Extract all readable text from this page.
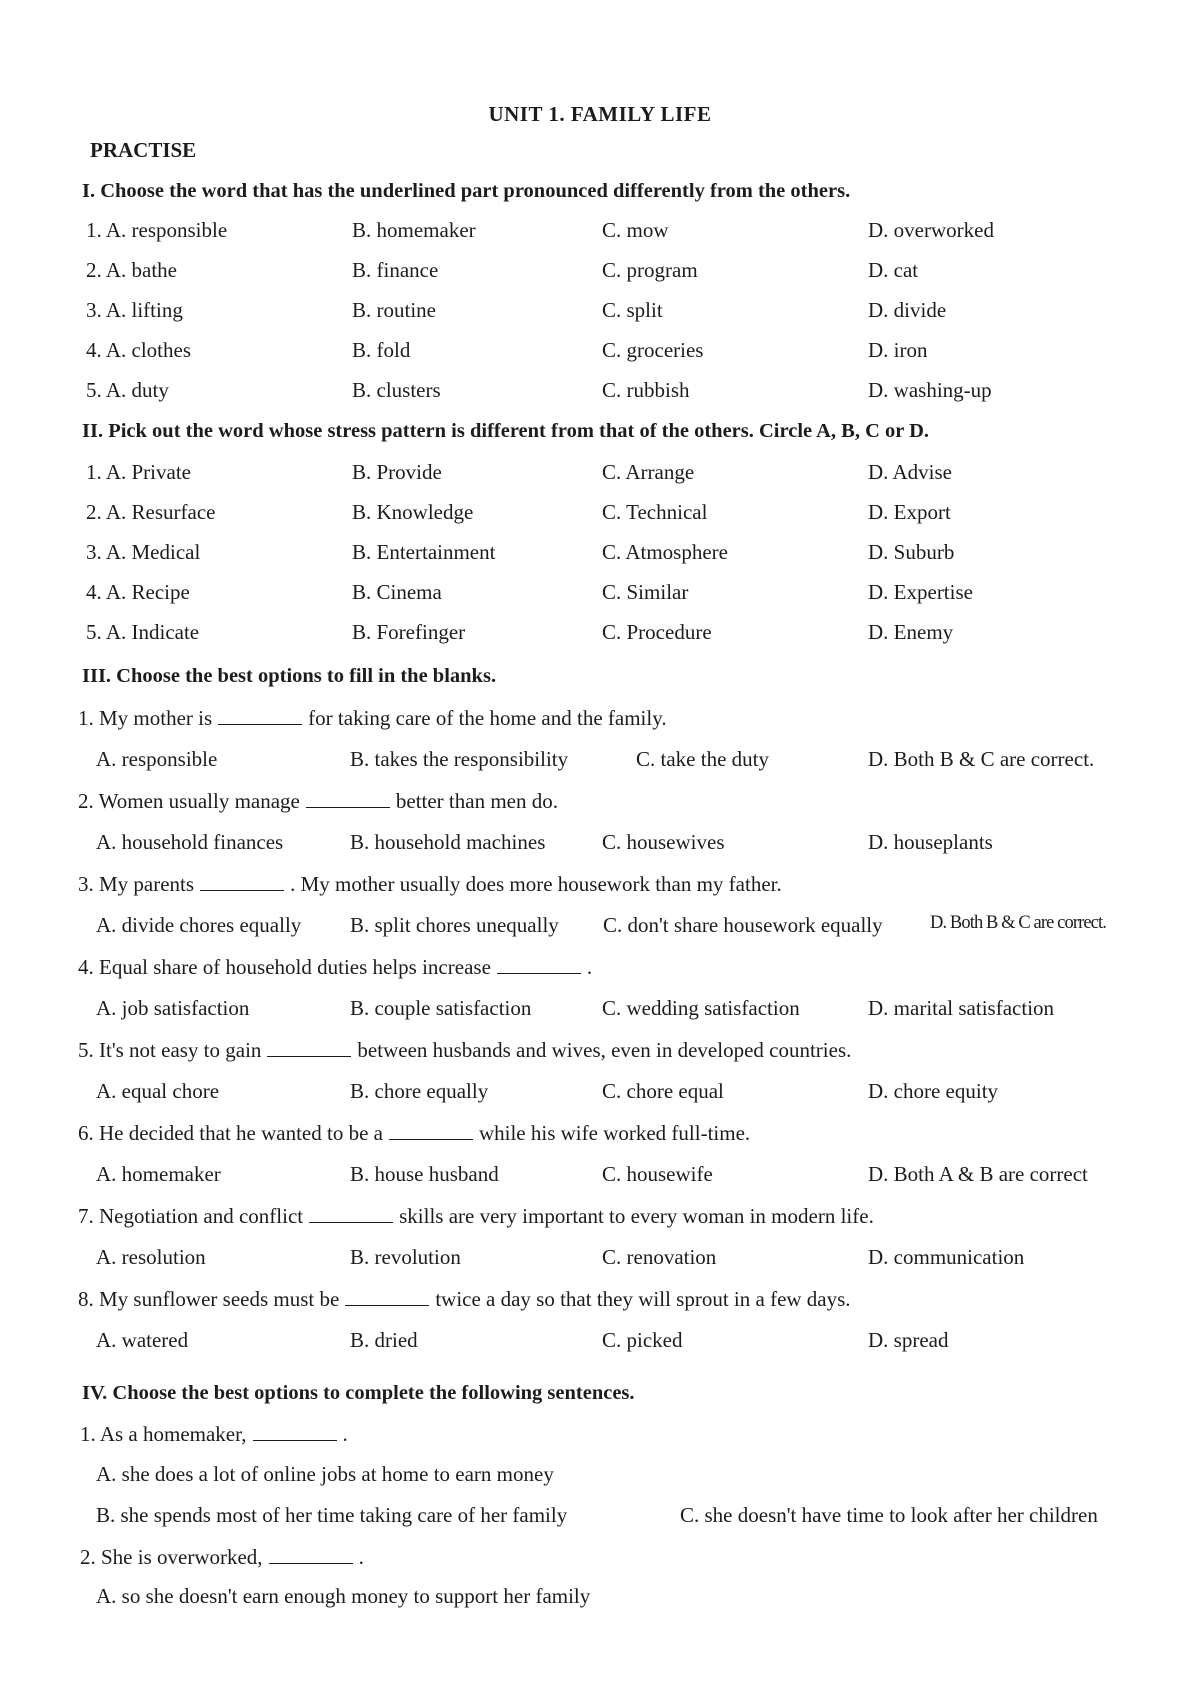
UNIT 1. FAMILY LIFE
PRACTISE
I. Choose the word that has the underlined part pronounced differently from the others.
1. A. responsible	B. homemaker	C. mow	D. overworked
2. A. bathe	B. finance	C. program	D. cat
3. A. lifting	B. routine	C. split	D. divide
4. A. clothes	B. fold	C. groceries	D. iron
5. A. duty	B. clusters	C. rubbish	D. washing-up
II. Pick out the word whose stress pattern is different from that of the others. Circle A, B, C or D.
1. A. Private	B. Provide	C. Arrange	D. Advise
2. A. Resurface	B. Knowledge	C. Technical	D. Export
3. A. Medical	B. Entertainment	C. Atmosphere	D. Suburb
4. A. Recipe	B. Cinema	C. Similar	D. Expertise
5. A. Indicate	B. Forefinger	C. Procedure	D. Enemy
III. Choose the best options to fill in the blanks.
1. My mother is	for taking care of the home and the family.
A. responsible	B. takes the responsibility	C. take the duty	D. Both B & C are correct.
2. Women usually manage	better than men do.
A. household finances	B. household machines	C. housewives	D. houseplants
3. My parents	. My mother usually does more housework than my father.
A. divide chores equally B. split chores unequally C. don't share housework equally	D. Both B & C are correct.
4. Equal share of household duties helps increase	.
A. job satisfaction	B. couple satisfaction	C. wedding satisfaction	D. marital satisfaction
5. It's not easy to gain	between husbands and wives, even in developed countries.
A. equal chore	B. chore equally	C. chore equal	D. chore equity
6. He decided that he wanted to be a	while his wife worked full-time.
A. homemaker	B. house husband	C. housewife	D. Both A & B are correct
7. Negotiation and conflict	skills are very important to every woman in modern life.
A. resolution	B. revolution	C. renovation	D. communication
8. My sunflower seeds must be	twice a day so that they will sprout in a few days.
A. watered	B. dried	C. picked	D. spread
IV. Choose the best options to complete the following sentences.
1. As a homemaker,	.
A. she does a lot of online jobs at home to earn money
B. she spends most of her time taking care of her family	C. she doesn't have time to look after her children
2. She is overworked,	.
A. so she doesn't earn enough money to support her family
